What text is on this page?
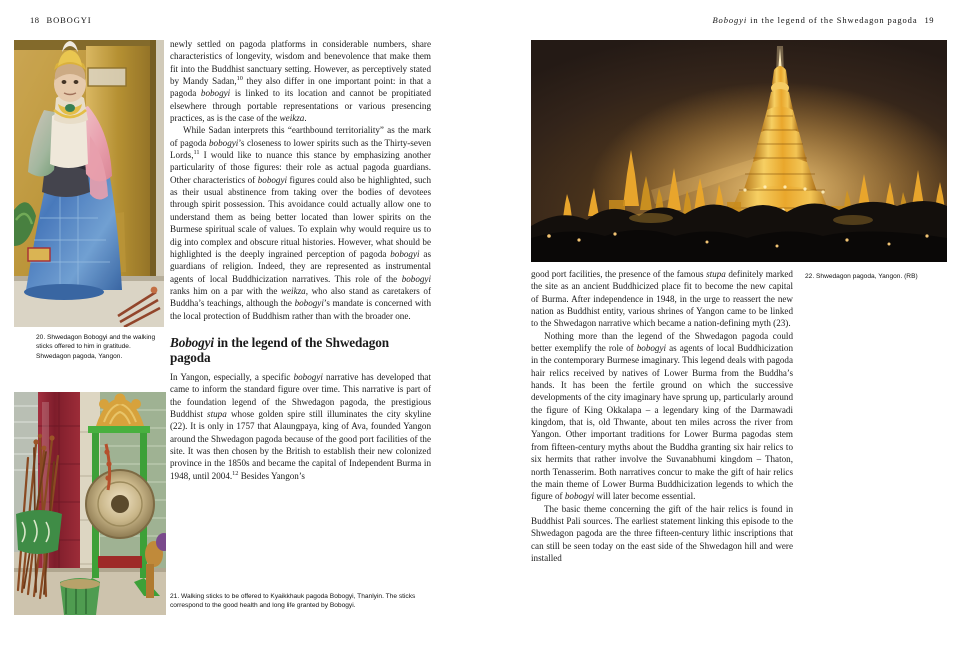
18 BOBOGYI	Bobogyi in the legend of the Shwedagon pagoda 19
20. Shwedagon Bobogyi and the walking sticks offered to him in gratitude. Shwedagon pagoda, Yangon.
21. Walking sticks to be offered to Kyaikkhauk pagoda Bobogyi, Thanlyin. The sticks correspond to the good health and long life granted by Bobogyi.
22. Shwedagon pagoda, Yangon. (RB)

newly settled on pagoda platforms in considerable numbers, share characteristics of longevity, wisdom and benevolence that make them fit into the Buddhist sanctuary setting. However, as perceptively stated by Mandy Sadan,$^{10}$ they also differ in one important point: in that a pagoda bobogyi is linked to its location and cannot be propitiated elsewhere through portable representations or various presencing practices, as is the case of the weikza.

While Sadan interprets this “earthbound territoriality” as the mark of pagoda bobogyi’s closeness to lower spirits such as the Thirty-seven Lords,$^{11}$ I would like to nuance this stance by emphasizing another particularity of those figures: their role as actual pagoda guardians. Other characteristics of bobogyi figures could also be highlighted, such as their usual abstinence from taking over the bodies of devotees through spirit possession. This avoidance could actually allow one to understand them as being better located than lower spirits on the Burmese spiritual scale of values. To explain why would require us to dig into complex and obscure ritual histories. However, what should be highlighted is the deeply ingrained perception of pagoda bobogyi as guardians of religion. Indeed, they are represented as instrumental agents of local Buddhicization narratives. This role of the bobogyi ranks him on a par with the weikza, who also stand as caretakers of Buddha’s teachings, although the bobogyi’s mandate is concerned with the local protection of Buddhism rather than with the broader one.

Bobogyi in the legend of the Shwedagon pagoda

In Yangon, especially, a specific bobogyi narrative has developed that came to inform the standard figure over time. This narrative is part of the foundation legend of the Shwedagon pagoda, the prestigious Buddhist stupa whose golden spire still illuminates the city skyline (22). It is only in 1757 that Alaungpaya, king of Ava, founded Yangon around the Shwedagon pagoda because of the good port facilities of the site. It was then chosen by the British to establish their new colonized province in the 1850s and became the capital of Independent Burma in 1948, until 2004.12 Besides Yangon’s

good port facilities, the presence of the famous stupa definitely marked the site as an ancient Buddhicized place fit to become the new capital of Burma. After independence in 1948, in the urge to reassert the new nation as Buddhist entity, various shrines of Yangon came to be linked to the Shwedagon narrative which became a nation-defining myth (23).

Nothing more than the legend of the Shwedagon pagoda could better exemplify the role of bobogyi as agents of local Buddhicization in the contemporary Burmese imaginary. This legend deals with pagoda hair relics received by natives of Lower Burma from the Buddha’s hands. It has been the fertile ground on which the successive developments of the city imaginary have sprung up, particularly around the figure of King Okkalapa – a legendary king of the Darmawadi kingdom, that is, old Thwante, about ten miles across the river from Yangon. Other important traditions for Lower Burma pagodas stem from fifteen-century myths about the Buddha granting six hair relics to six hermits that rather involve the Suvanabhumi kingdom – Thaton, north Tenasserim. Both narratives concur to make the gift of hair relics the main theme of Lower Burma Buddhicization legends to which the figure of bobogyi will later become essential.

The basic theme concerning the gift of the hair relics is found in Buddhist Pali sources. The earliest statement linking this episode to the Shwedagon pagoda are the three fifteen-century lithic inscriptions that can still be seen today on the east side of the Shwedagon hill and were installed
